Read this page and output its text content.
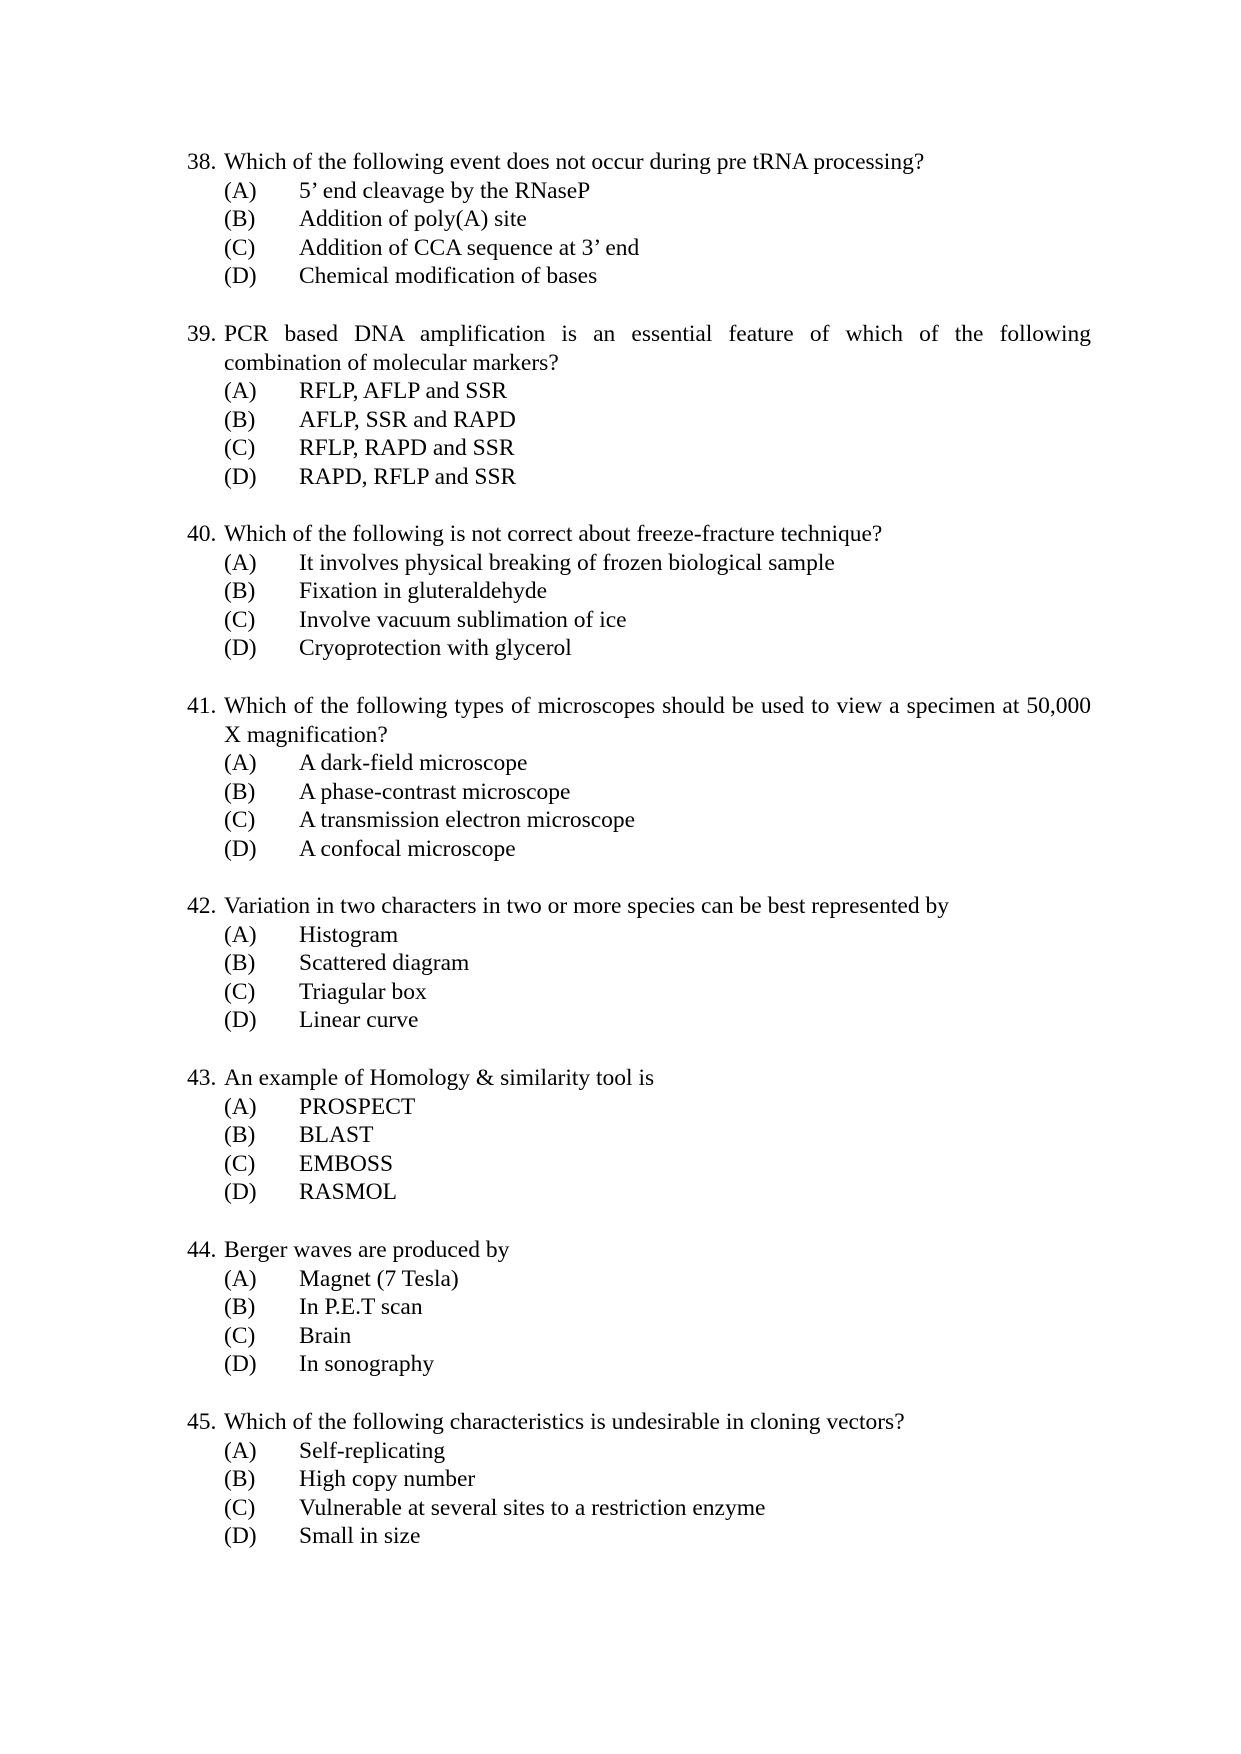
38. Which of the following event does not occur during pre tRNA processing?
(A)	5’ end cleavage by the RNaseP
(B)	Addition of poly(A) site
(C)	Addition of CCA sequence at 3’ end
(D)	Chemical modification of bases
39. PCR based DNA amplification is an essential feature of which of the following combination of molecular markers?
(A)	RFLP, AFLP and SSR
(B)	AFLP, SSR and RAPD
(C)	RFLP, RAPD and SSR
(D)	RAPD, RFLP and SSR
40. Which of the following is not correct about freeze-fracture technique?
(A)	It involves physical breaking of frozen biological sample
(B)	Fixation in gluteraldehyde
(C)	Involve vacuum sublimation of ice
(D)	Cryoprotection with glycerol
41. Which of the following types of microscopes should be used to view a specimen at 50,000 X magnification?
(A)	A dark-field microscope
(B)	A phase-contrast microscope
(C)	A transmission electron microscope
(D)	A confocal microscope
42. Variation in two characters in two or more species can be best represented by
(A)	Histogram
(B)	Scattered diagram
(C)	Triagular box
(D)	Linear curve
43. An example of Homology & similarity tool is
(A)	PROSPECT
(B)	BLAST
(C)	EMBOSS
(D)	RASMOL
44. Berger waves are produced by
(A)	Magnet (7 Tesla)
(B)	In P.E.T scan
(C)	Brain
(D)	In sonography
45. Which of the following characteristics is undesirable in cloning vectors?
(A)	Self-replicating
(B)	High copy number
(C)	Vulnerable at several sites to a restriction enzyme
(D)	Small in size
